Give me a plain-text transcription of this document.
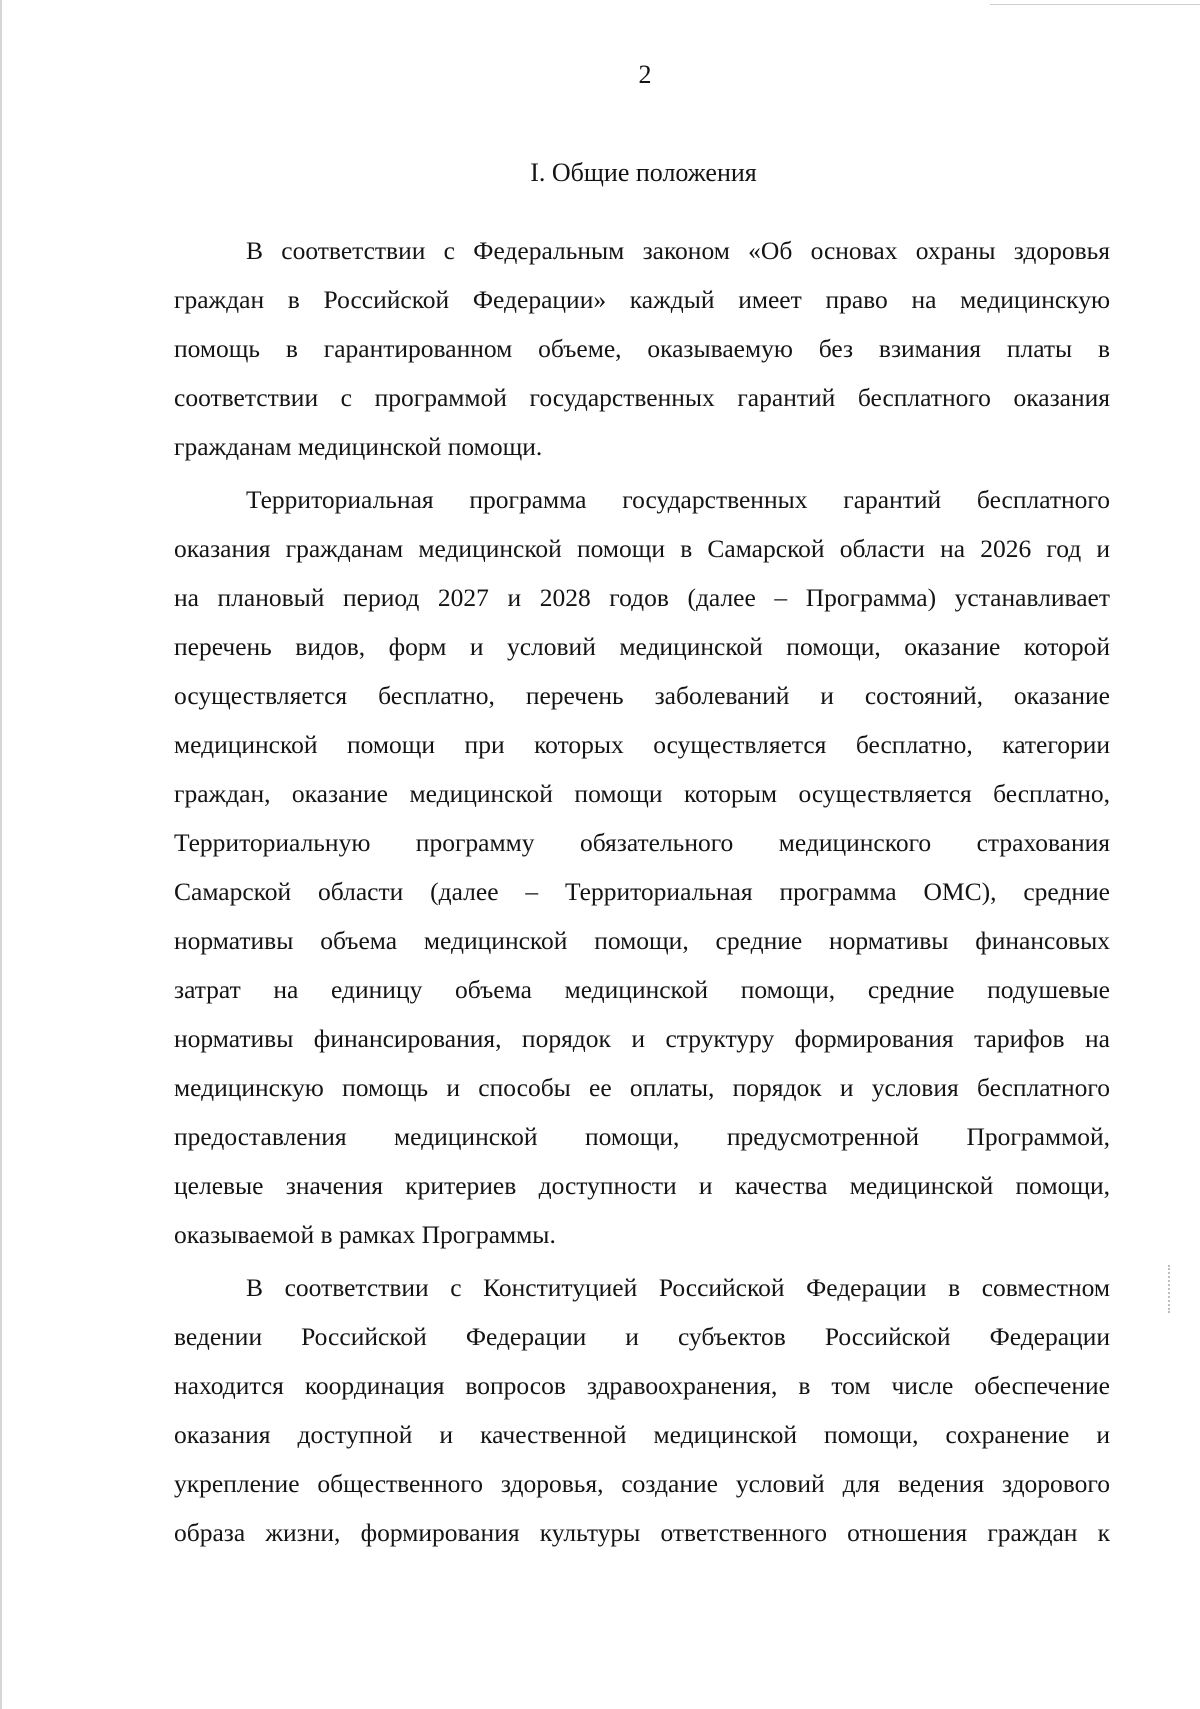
2
I. Общие положения
В соответствии с Федеральным законом «Об основах охраны здоровья
граждан в Российской Федерации» каждый имеет право на медицинскую
помощь в гарантированном объеме, оказываемую без взимания платы в
соответствии с программой государственных гарантий бесплатного оказания
гражданам медицинской помощи.
Территориальная программа государственных гарантий бесплатного
оказания гражданам медицинской помощи в Самарской области на 2026 год и
на плановый период 2027 и 2028 годов (далее – Программа) устанавливает
перечень видов, форм и условий медицинской помощи, оказание которой
осуществляется бесплатно, перечень заболеваний и состояний, оказание
медицинской помощи при которых осуществляется бесплатно, категории
граждан, оказание медицинской помощи которым осуществляется бесплатно,
Территориальную программу обязательного медицинского страхования
Самарской области (далее – Территориальная программа ОМС), средние
нормативы объема медицинской помощи, средние нормативы финансовых
затрат на единицу объема медицинской помощи, средние подушевые
нормативы финансирования, порядок и структуру формирования тарифов на
медицинскую помощь и способы ее оплаты, порядок и условия бесплатного
предоставления медицинской помощи, предусмотренной Программой,
целевые значения критериев доступности и качества медицинской помощи,
оказываемой в рамках Программы.
В соответствии с Конституцией Российской Федерации в совместном
ведении Российской Федерации и субъектов Российской Федерации
находится координация вопросов здравоохранения, в том числе обеспечение
оказания доступной и качественной медицинской помощи, сохранение и
укрепление общественного здоровья, создание условий для ведения здорового
образа жизни, формирования культуры ответственного отношения граждан к
